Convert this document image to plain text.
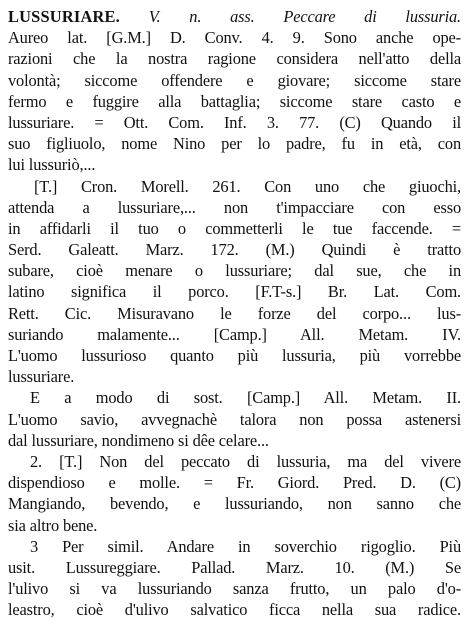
LUSSURIARE. V. n. ass. Peccare di lussuria.
Aureo lat. [G.M.] D. Conv. 4. 9. Sono anche ope-
razioni che la nostra ragione considera nell'atto della
volontà; siccome offendere e giovare; siccome stare
fermo e fuggire alla battaglia; siccome stare casto e
lussuriare. = Ott. Com. Inf. 3. 77. (C) Quando il
suo figliuolo, nome Nino per lo padre, fu in età, con
lui lussuriò,...
[T.] Cron. Morell. 261. Con uno che giuochi,
attenda a lussuriare,... non t'impacciare con esso
in affidarli il tuo o commetterli le tue faccende. =
Serd. Galeatt. Marz. 172. (M.) Quindi è tratto
subare, cioè menare o lussuriare; dal sue, che in
latino significa il porco. [F.T-s.] Br. Lat. Com.
Rett. Cic. Misuravano le forze del corpo... lus-
suriando malamente... [Camp.] All. Metam. IV.
L'uomo lussurioso quanto più lussuria, più vorrebbe
lussuriare.
E a modo di sost. [Camp.] All. Metam. II.
L'uomo savio, avvegnachè talora non possa astenersi
dal lussuriare, nondimeno si dêe celare...
2. [T.] Non del peccato di lussuria, ma del vivere
dispendioso e molle. = Fr. Giord. Pred. D. (C)
Mangiando, bevendo, e lussuriando, non sanno che
sia altro bene.
3 Per simil. Andare in soverchio rigoglio. Più
usit. Lussureggiare. Pallad. Marz. 10. (M.) Se
l'ulivo si va lussuriando sanza frutto, un palo d'o-
leastro, cioè d'ulivo salvatico ficca nella sua radice.
